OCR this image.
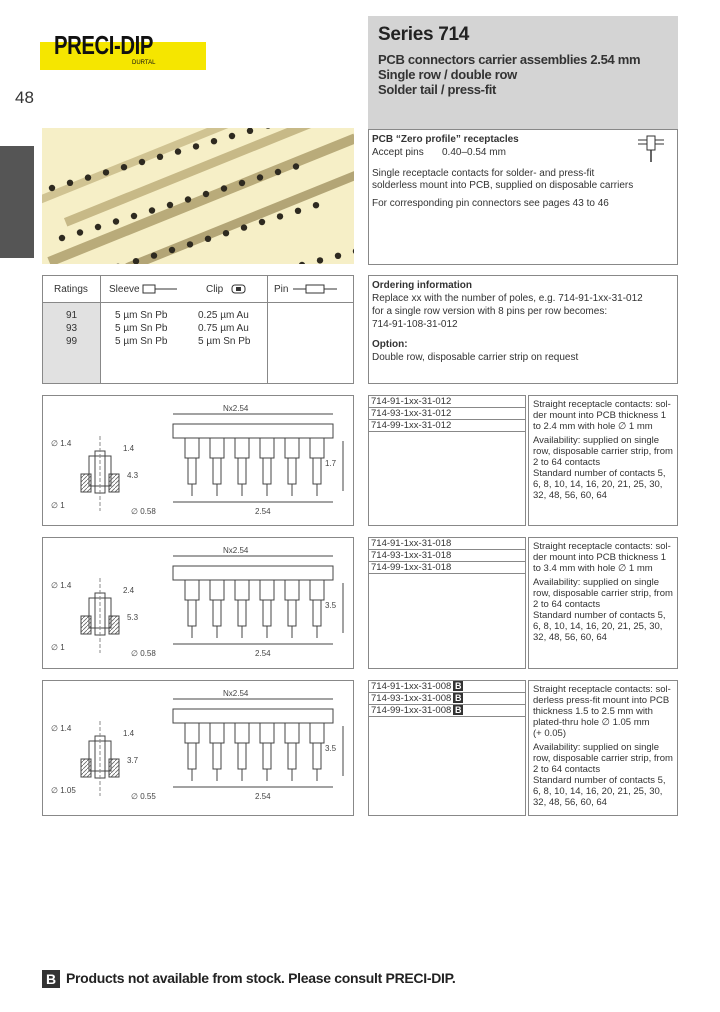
PRECI-DIP
DURTAL
48
Series 714
PCB connectors carrier assemblies 2.54 mm
Single row / double row
Solder tail / press-fit
PCB “Zero profile” receptacles
Accept pins 0.40–0.54 mm
Single receptacle contacts for solder- and press-fit
solderless mount into PCB, supplied on disposable carriers
For corresponding pin connectors see pages 43 to 46
Ratings Sleeve	Clip	Pin
91	5 µm Sn Pb	0.25 µm Au
93	5 µm Sn Pb	0.75 µm Au
99	5 µm Sn Pb	5 µm Sn Pb
Ordering information
Replace xx with the number of poles, e.g. 714-91-1xx-31-012
for a single row version with 8 pins per row becomes:
714-91-108-31-012
Option:
Double row, disposable carrier strip on request
Nx2.54
∅ 1.4
∅ 1
1.4
4.3
∅ 0.58	2.54
1.7
714-91-1xx-31-012
714-93-1xx-31-012
714-99-1xx-31-012
Straight receptacle contacts: sol-
der mount into PCB thickness 1
to 2.4 mm with hole ∅ 1 mm
Availability: supplied on single
row, disposable carrier strip, from
2 to 64 contacts
Standard number of contacts 5,
6, 8, 10, 14, 16, 20, 21, 25, 30,
32, 48, 56, 60, 64
Nx2.54
∅ 1.4
∅ 1
2.4
5.3
∅ 0.58	2.54
3.5
714-91-1xx-31-018
714-93-1xx-31-018
714-99-1xx-31-018
Straight receptacle contacts: sol-
der mount into PCB thickness 1
to 3.4 mm with hole ∅ 1 mm
Availability: supplied on single
row, disposable carrier strip, from
2 to 64 contacts
Standard number of contacts 5,
6, 8, 10, 14, 16, 20, 21, 25, 30,
32, 48, 56, 60, 64
Nx2.54
∅ 1.4
∅ 1.05
1.4
3.7
∅ 0.55	2.54
3.5
714-91-1xx-31-008 B
714-93-1xx-31-008 B
714-99-1xx-31-008 B
Straight receptacle contacts: sol-
derless press-fit mount into PCB
thickness 1.5 to 2.5 mm with
plated-thru hole ∅ 1.05 mm
(+ 0.05)
Availability: supplied on single
row, disposable carrier strip, from
2 to 64 contacts
Standard number of contacts 5,
6, 8, 10, 14, 16, 20, 21, 25, 30,
32, 48, 56, 60, 64
B Products not available from stock. Please consult PRECI-DIP.
